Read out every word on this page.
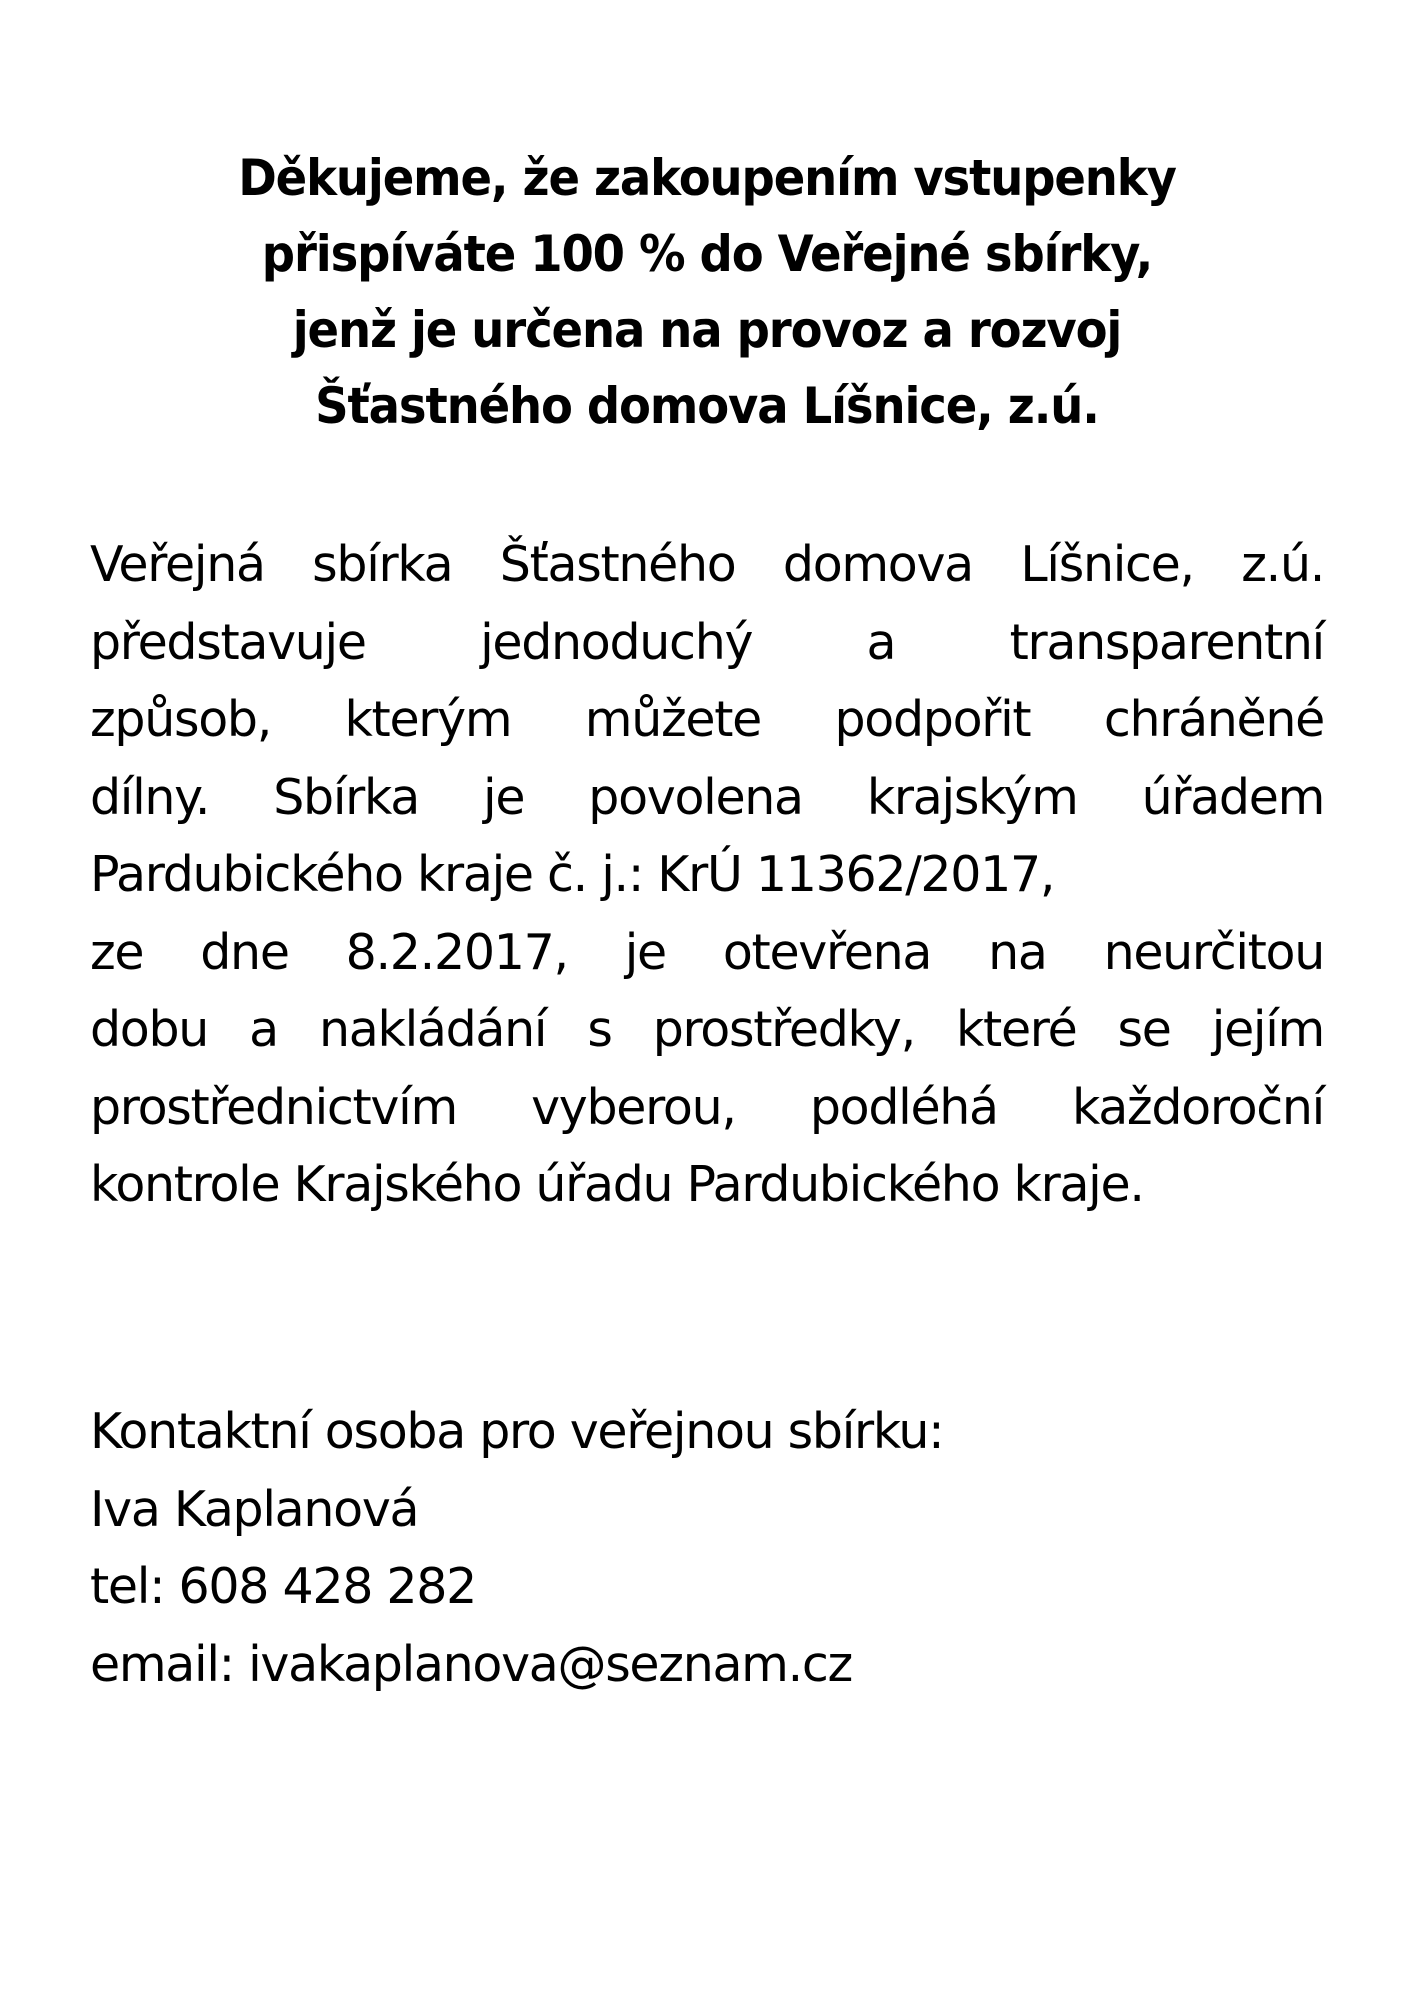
Děkujeme, že zakoupením vstupenky
přispíváte 100 % do Veřejné sbírky,
jenž je určena na provoz a rozvoj
Šťastného domova Líšnice, z.ú.
Veřejná sbírka Šťastného domova Líšnice, z.ú.
představuje jednoduchý a transparentní
způsob, kterým můžete podpořit chráněné
dílny. Sbírka je povolena krajským úřadem
Pardubického kraje č. j.: KrÚ 11362/2017,
ze dne 8.2.2017, je otevřena na neurčitou
dobu a nakládání s prostředky, které se jejím
prostřednictvím vyberou, podléhá každoroční
kontrole Krajského úřadu Pardubického kraje.
Kontaktní osoba pro veřejnou sbírku:
Iva Kaplanová
tel: 608 428 282
email: ivakaplanova@seznam.cz
